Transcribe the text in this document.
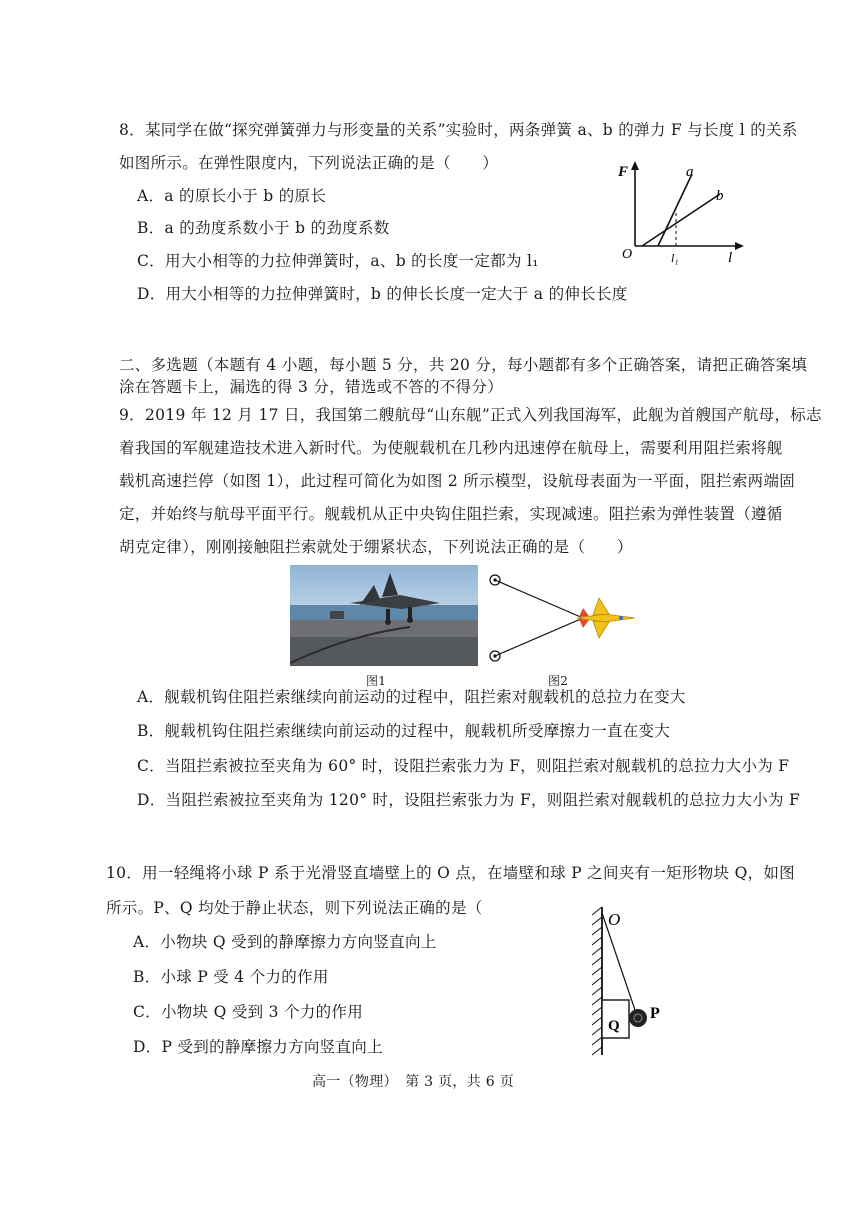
8．某同学在做“探究弹簧弹力与形变量的关系”实验时，两条弹簧 a、b 的弹力 F 与长度 l 的关系
如图所示。在弹性限度内，下列说法正确的是（　　）
A．a 的原长小于 b 的原长
B．a 的劲度系数小于 b 的劲度系数
C．用大小相等的力拉伸弹簧时，a、b 的长度一定都为 l₁
D．用大小相等的力拉伸弹簧时，b 的伸长长度一定大于 a 的伸长长度
F
O	l
l₁
a
b
二、多选题（本题有 4 小题，每小题 5 分，共 20 分，每小题都有多个正确答案，请把正确答案填
涂在答题卡上，漏选的得 3 分，错选或不答的不得分）
9．2019 年 12 月 17 日，我国第二艘航母“山东舰”正式入列我国海军，此舰为首艘国产航母，标志
着我国的军舰建造技术进入新时代。为使舰载机在几秒内迅速停在航母上，需要利用阻拦索将舰
载机高速拦停（如图 1），此过程可简化为如图 2 所示模型，设航母表面为一平面，阻拦索两端固
定，并始终与航母平面平行。舰载机从正中央钩住阻拦索，实现减速。阻拦索为弹性装置（遵循
胡克定律），刚刚接触阻拦索就处于绷紧状态，下列说法正确的是（　　）
图1	图2
A．舰载机钩住阻拦索继续向前运动的过程中，阻拦索对舰载机的总拉力在变大
B．舰载机钩住阻拦索继续向前运动的过程中，舰载机所受摩擦力一直在变大
C．当阻拦索被拉至夹角为 60° 时，设阻拦索张力为 F，则阻拦索对舰载机的总拉力大小为 F
D．当阻拦索被拉至夹角为 120° 时，设阻拦索张力为 F，则阻拦索对舰载机的总拉力大小为 F
10．用一轻绳将小球 P 系于光滑竖直墙壁上的 O 点，在墙壁和球 P 之间夹有一矩形物块 Q，如图
所示。P、Q 均处于静止状态，则下列说法正确的是（
A．小物块 Q 受到的静摩擦力方向竖直向上
B．小球 P 受 4 个力的作用
C．小物块 Q 受到 3 个力的作用
D．P 受到的静摩擦力方向竖直向上
O
Q
P
高一（物理）　第 3 页，共 6 页
